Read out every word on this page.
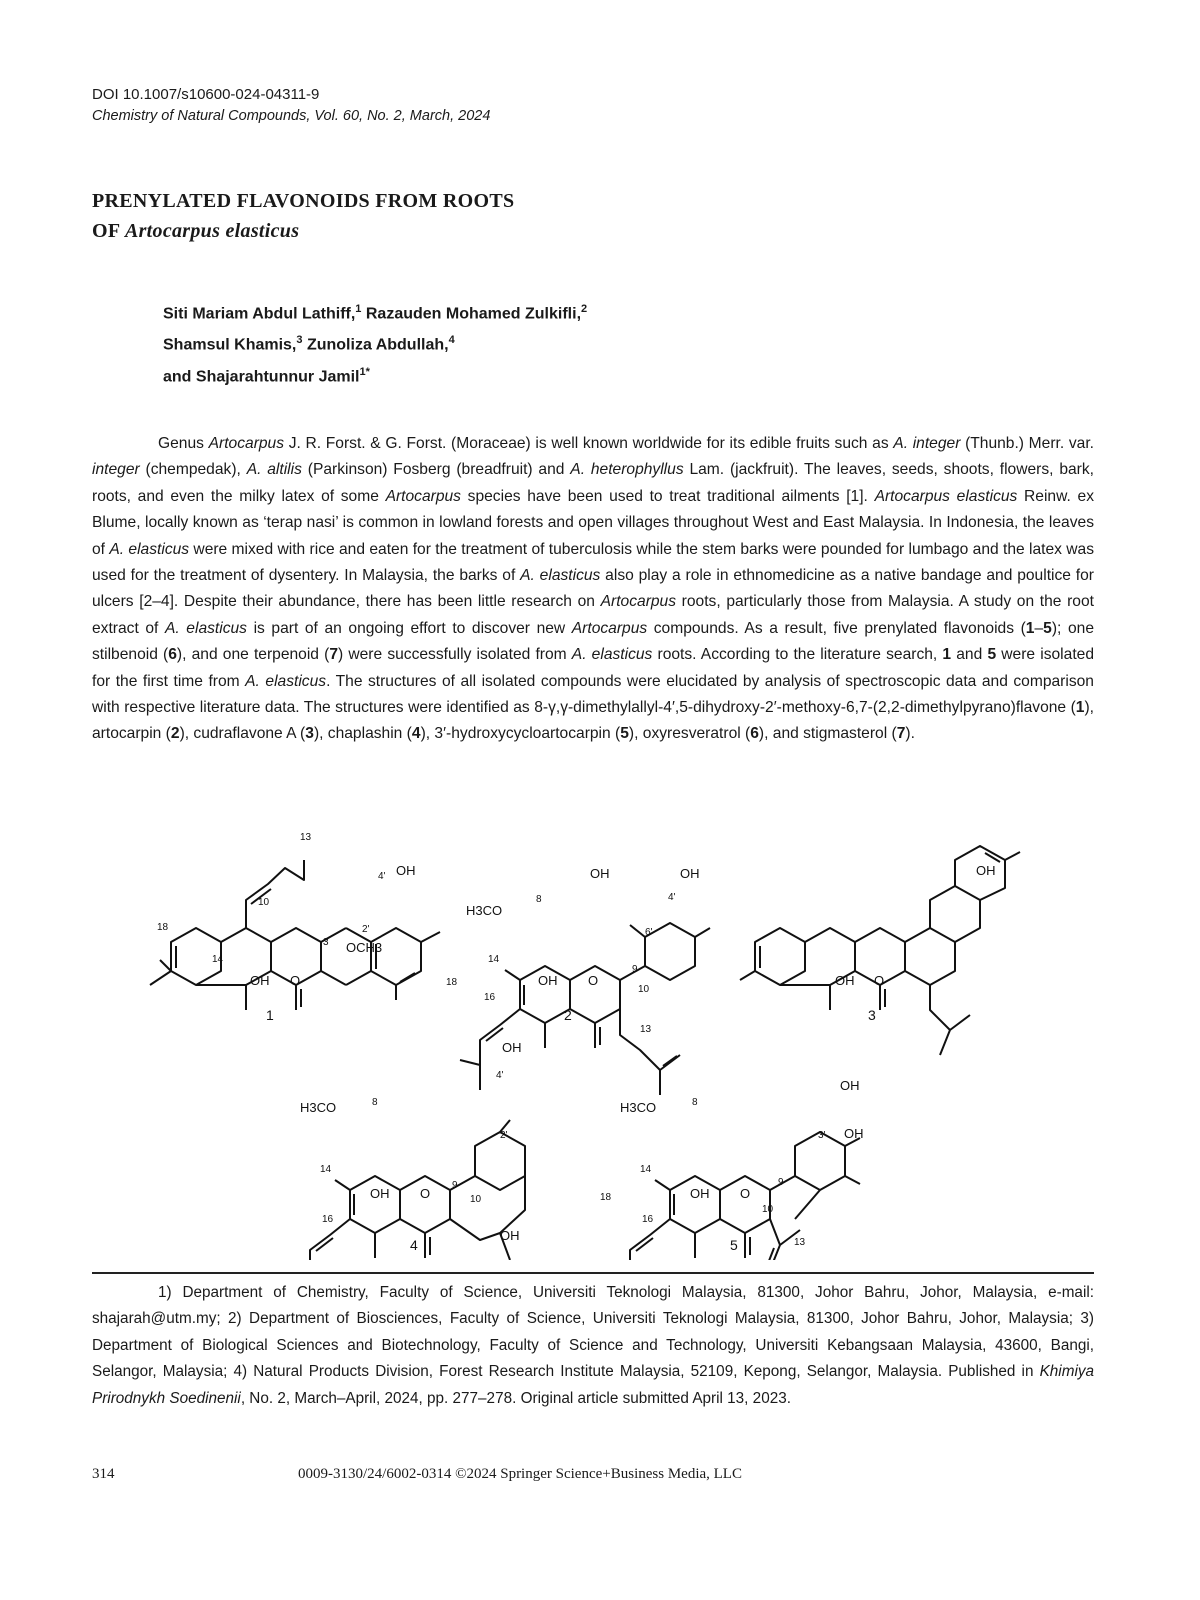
DOI 10.1007/s10600-024-04311-9
Chemistry of Natural Compounds, Vol. 60, No. 2, March, 2024
PRENYLATED FLAVONOIDS FROM ROOTS
OF Artocarpus elasticus
Siti Mariam Abdul Lathiff,$^1$ Razauden Mohamed Zulkifli,$^2$
Shamsul Khamis,$^3$ Zunoliza Abdullah,$^4$
and Shajarahtunnur Jamil$^{1*}$

Genus Artocarpus J. R. Forst. & G. Forst. (Moraceae) is well known worldwide for its edible fruits such as A. integer (Thunb.) Merr. var. integer (chempedak), A. altilis (Parkinson) Fosberg (breadfruit) and A. heterophyllus Lam. (jackfruit). The leaves, seeds, shoots, flowers, bark, roots, and even the milky latex of some Artocarpus species have been used to treat traditional ailments [1]. Artocarpus elasticus Reinw. ex Blume, locally known as ‘terap nasi’ is common in lowland forests and open villages throughout West and East Malaysia. In Indonesia, the leaves of A. elasticus were mixed with rice and eaten for the treatment of tuberculosis while the stem barks were pounded for lumbago and the latex was used for the treatment of dysentery. In Malaysia, the barks of A. elasticus also play a role in ethnomedicine as a native bandage and poultice for ulcers [2–4]. Despite their abundance, there has been little research on Artocarpus roots, particularly those from Malaysia. A study on the root extract of A. elasticus is part of an ongoing effort to discover new Artocarpus compounds. As a result, five prenylated flavonoids (1–5); one stilbenoid (6), and one terpenoid (7) were successfully isolated from A. elasticus roots. According to the literature search, 1 and 5 were isolated for the first time from A. elasticus. The structures of all isolated compounds were elucidated by analysis of spectroscopic data and comparison with respective literature data. The structures were identified as 8-γ,γ-dimethylallyl-4′,5-dihydroxy-2′-methoxy-6,7-(2,2-dimethylpyrano)flavone (1), artocarpin (2), cudraflavone A (3), chaplashin (4), 3′-hydroxycycloartocarpin (5), oxyresveratrol (6), and stigmasterol (7).

OH
4'
OCH3
2'
3
O
OH
13
10
18
14
1
H3CO
OH	OH
4'
6'
8
14
9
10
OH O
18
16
13
2
OH
OH O
3
OH
4'
2'
H3CO	8
14
9
10
OH O
OH
16
4
OH
OH
3'
H3CO	8
14
9
OH O
10
18
16
13
5

1) Department of Chemistry, Faculty of Science, Universiti Teknologi Malaysia, 81300, Johor Bahru, Johor, Malaysia, e-mail: shajarah@utm.my; 2) Department of Biosciences, Faculty of Science, Universiti Teknologi Malaysia, 81300, Johor Bahru, Johor, Malaysia; 3) Department of Biological Sciences and Biotechnology, Faculty of Science and Technology, Universiti Kebangsaan Malaysia, 43600, Bangi, Selangor, Malaysia; 4) Natural Products Division, Forest Research Institute Malaysia, 52109, Kepong, Selangor, Malaysia. Published in Khimiya Prirodnykh Soedinenii, No. 2, March–April, 2024, pp. 277–278. Original article submitted April 13, 2023.

314	0009-3130/24/6002-0314 ©2024 Springer Science+Business Media, LLC
